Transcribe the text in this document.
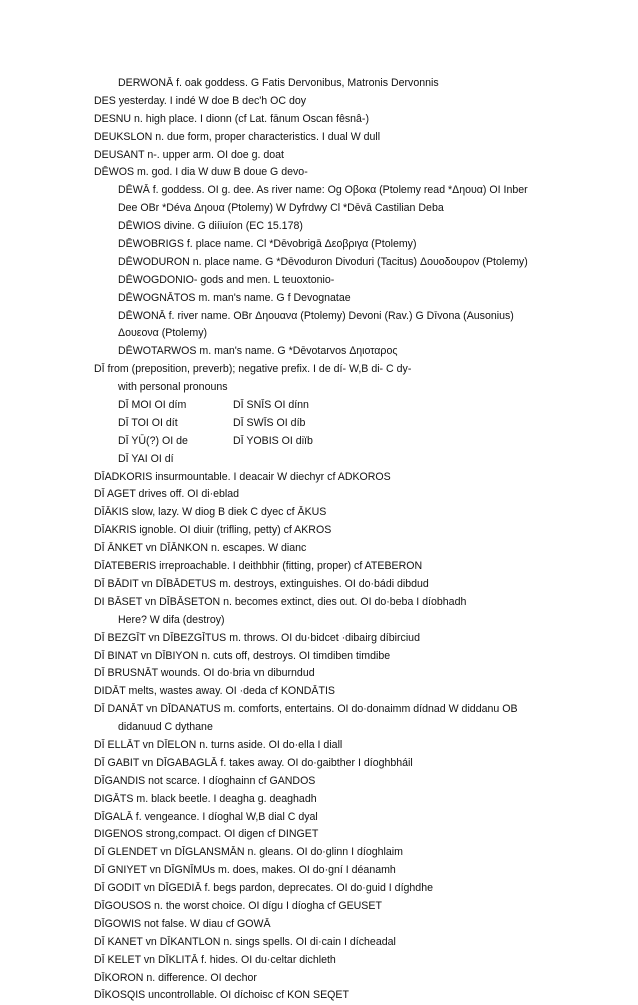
DERWONĀ f. oak goddess. G Fatis Dervonibus, Matronis Dervonnis
DES yesterday. I indé W doe B dec'h OC doy
DESNU n. high place. I dionn (cf Lat. fānum Oscan fêsnâ-)
DEUKSLON n. due form, proper characteristics. I dual W dull
DEUSANT n-. upper arm. OI doe g. doat
DĒWOS m. god. I dia W duw B doue G devo-
DĒWĀ f. goddess. OI g. dee. As river name: Og Οβοκα (Ptolemy read *Δηουα) OI Inber
Dee OBr *Déva Δηουα (Ptolemy) W Dyfrdwy Cl *Dēvā Castilian Deba
DĒWIOS divine. G diíiuíon (EC 15.178)
DĒWOBRIGS f. place name. Cl *Dēvobrigā Δεοβριγα (Ptolemy)
DĒWODURON n. place name. G *Dēvoduron Divoduri (Tacitus) Δουοδουρον (Ptolemy)
DĒWOGDONIO- gods and men. L teuoxtonio-
DĒWOGNĀTOS m. man's name. G f Devognatae
DĒWONĀ f. river name. OBr Δηουανα (Ptolemy) Devoni (Rav.) G Dīvona (Ausonius)
Δουεονα (Ptolemy)
DĒWOTARWOS m. man's name. G *Dēvotarvos Δηιοταρος
DĪ from (preposition, preverb); negative prefix. I de dí- W,B di- C dy-
with personal pronouns
DĪ MOI OI dím	DĪ SNĪS OI dínn
DĪ TOI OI dít	DĪ SWĪS OI díb
DĪ YŪ(?) OI de	DĪ YOBIS OI diïb
DĪ YAI OI dí
DĪADKORIS insurmountable. I deacair W diechyr cf ADKOROS
DĪ AGET drives off. OI di·eblad
DĪĀKIS slow, lazy. W diog B diek C dyec cf ĀKUS
DĪAKRIS ignoble. OI diuir (trifling, petty) cf AKROS
DĪ ĀNKET vn DĪĀNKON n. escapes. W dianc
DĪATEBERIS irreproachable. I deithbhir (fitting, proper) cf ATEBERON
DĪ BĀDIT vn DĪBĀDETUS m. destroys, extinguishes. OI do·bádi dibdud
DI BĀSET vn DĪBĀSETON n. becomes extinct, dies out. OI do·beba I díobhadh
Here? W difa (destroy)
DĪ BEZGĪT vn DĪBEZGĪTUS m. throws. OI du·bidcet ·dibairg díbirciud
DĪ BINAT vn DĪBIYON n. cuts off, destroys. OI timdiben timdibe
DĪ BRUSNĀT wounds. OI do·bria vn diburndud
DIDĀT melts, wastes away. OI ·deda cf KONDĀTIS
DĪ DANĀT vn DĪDANATUS m. comforts, entertains. OI do·donaimm dídnad W diddanu OB
didanuud C dythane
DĪ ELLĀT vn DĪELON n. turns aside. OI do·ella I diall
DĪ GABIT vn DĪGABAGLĀ f. takes away. OI do·gaibther I díoghbháil
DĪGANDIS not scarce. I díoghainn cf GANDOS
DIGĀTS m. black beetle. I deagha g. deaghadh
DĪGALĀ f. vengeance. I díoghal W,B dial C dyal
DIGENOS strong,compact. OI digen cf DINGET
DĪ GLENDET vn DĪGLANSMĀN n. gleans. OI do·glinn I díoghlaim
DĪ GNIYET vn DĪGNĪMUs m. does, makes. OI do·gní I déanamh
DĪ GODIT vn DĪGEDIĀ f. begs pardon, deprecates. OI do·guid I díghdhe
DĪGOUSOS n. the worst choice. OI dígu I díogha cf GEUSET
DĪGOWIS not false. W diau cf GOWĀ
DĪ KANET vn DĪKANTLON n. sings spells. OI di·cain I dícheadal
DĪ KELET vn DĪKLITĀ f. hides. OI du·celtar dichleth
DĪKORON n. difference. OI dechor
DĪKOSQIS uncontrollable. OI díchoisc cf KON SEQET
